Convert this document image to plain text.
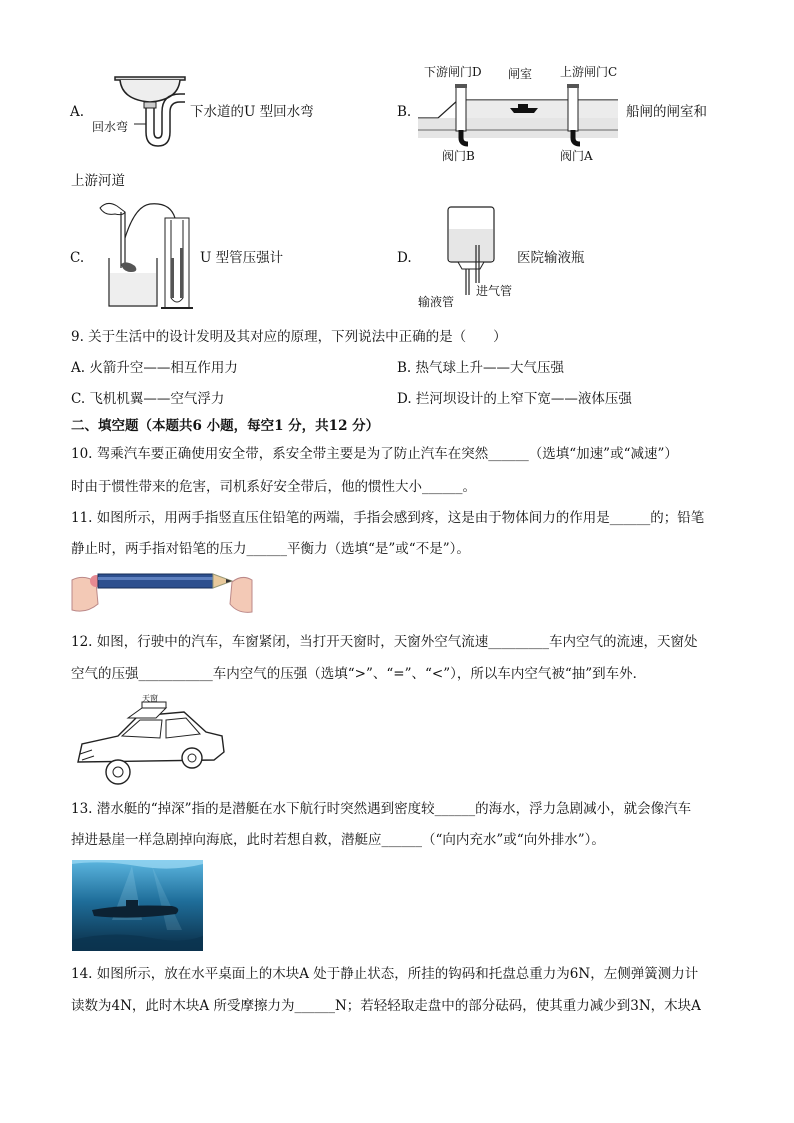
A.
回水弯
下水道的U 型回水弯	B.
下游闸门D 闸室 上游闸门C
船闸的闸室和
阀门B	阀门A
上游河道
C.	U 型管压强计	D.	医院输液瓶
进气管
输液管
9. 关于生活中的设计发明及其对应的原理，下列说法中正确的是（　　）
A. 火箭升空——相互作用力	B. 热气球上升——大气压强
C. 飞机机翼——空气浮力	D. 拦河坝设计的上窄下宽——液体压强
二、填空题（本题共6 小题，每空1 分，共12 分）
10. 驾乘汽车要正确使用安全带，系安全带主要是为了防止汽车在突然______（选填“加速”或“减速”）
时由于惯性带来的危害，司机系好安全带后，他的惯性大小______。
11. 如图所示，用两手指竖直压住铅笔的两端，手指会感到疼，这是由于物体间力的作用是______的；铅笔
静止时，两手指对铅笔的压力______平衡力（选填“是”或“不是”）。
12. 如图，行驶中的汽车，车窗紧闭，当打开天窗时，天窗外空气流速_________车内空气的流速，天窗处
空气的压强___________车内空气的压强（选填“>”、“=”、“<”），所以车内空气被“抽”到车外．
天窗
13. 潜水艇的“掉深”指的是潜艇在水下航行时突然遇到密度较______的海水，浮力急剧减小，就会像汽车
掉进悬崖一样急剧掉向海底，此时若想自救，潜艇应______（“向内充水”或“向外排水”）。
14. 如图所示，放在水平桌面上的木块A 处于静止状态，所挂的钩码和托盘总重力为6N，左侧弹簧测力计
读数为4N，此时木块A 所受摩擦力为______N；若轻轻取走盘中的部分砝码，使其重力减少到3N，木块A
